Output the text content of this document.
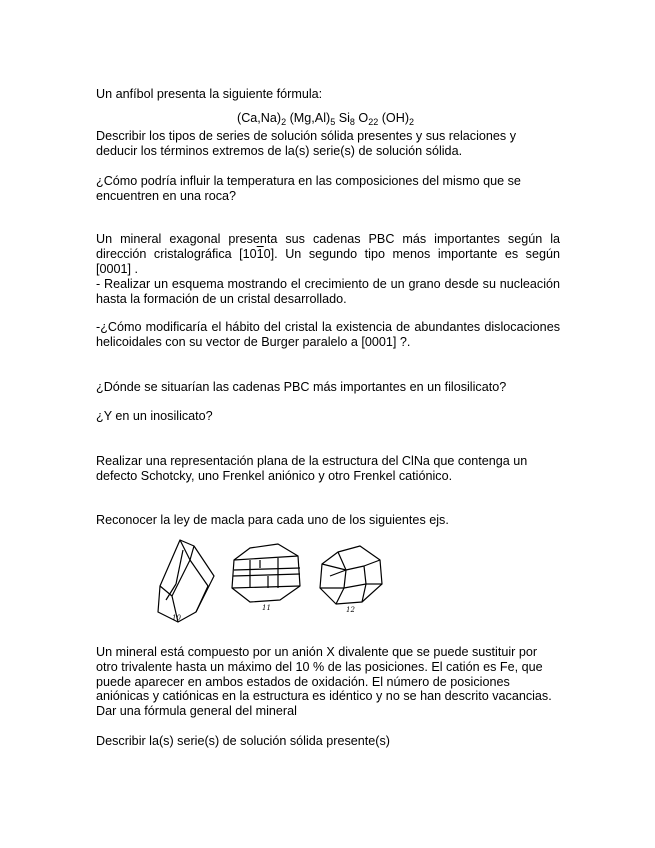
Un anfíbol presenta la siguiente fórmula:

$(Ca,Na)_2$ $(Mg,Al)_5$ $Si_8$ $O_{22}$ $(OH)_2$

Describir los tipos de series de solución sólida presentes y sus relaciones y deducir los términos extremos de la(s) serie(s) de solución sólida.

¿Cómo podría influir la temperatura en las composiciones del mismo que se encuentren en una roca?

Un mineral exagonal presenta sus cadenas PBC más importantes según la dirección cristalográfica [1010]. Un segundo tipo menos importante es según [0001] .

- Realizar un esquema mostrando el crecimiento de un grano desde su nucleación hasta la formación de un cristal desarrollado.

-¿Cómo modificaría el hábito del cristal la existencia de abundantes dislocaciones helicoidales con su vector de Burger paralelo a [0001] ?.

¿Dónde se situarían las cadenas PBC más importantes en un filosilicato?

¿Y en un inosilicato?

Realizar una representación plana de la estructura del ClNa que contenga un defecto Schotcky, uno Frenkel aniónico y otro Frenkel catiónico.

Reconocer la ley de macla para cada uno de los siguientes ejs.

10
11	12

Un mineral está compuesto por un anión X divalente que se puede sustituir por otro trivalente hasta un máximo del 10 % de las posiciones. El catión es Fe, que puede aparecer en ambos estados de oxidación. El número de posiciones aniónicas y catiónicas en la estructura es idéntico y no se han descrito vacancias. Dar una fórmula general del mineral

Describir la(s) serie(s) de solución sólida presente(s)
